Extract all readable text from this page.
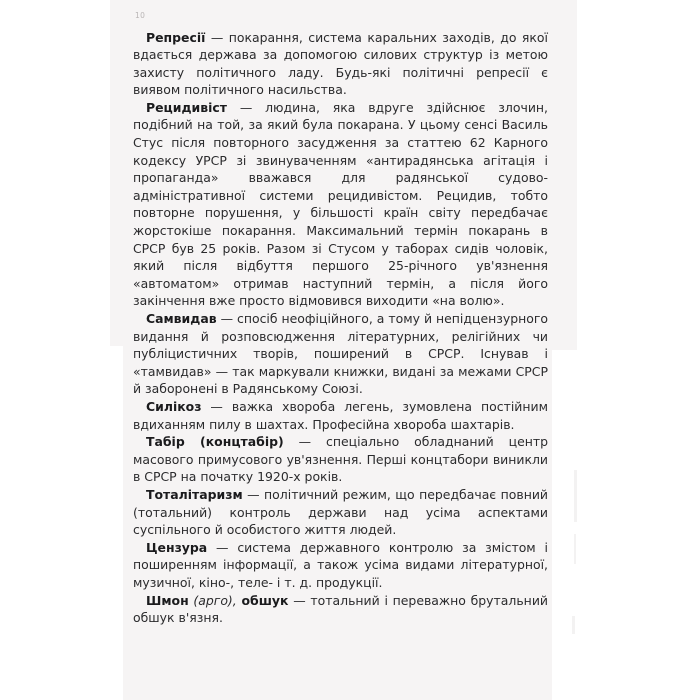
10

Репресії — покарання, система каральних заходів, до якої вдається держава за допомогою силових структур із метою захисту політичного ладу. Будь-які політичні репресії є виявом політичного насильства.

Рецидивіст — людина, яка вдруге здійснює злочин, подібний на той, за який була покарана. У цьому сенсі Василь Стус після повторного засудження за статтею 62 Карного кодексу УРСР зі звинуваченням «антирадянська агітація і пропаганда» вважався для радянської судово-адміністративної системи рецидивістом. Рецидив, тобто повторне порушення, у більшості країн світу передбачає жорстокіше покарання. Максимальний термін покарань в СРСР був 25 років. Разом зі Стусом у таборах сидів чоловік, який після відбуття першого 25-річного ув'язнення «автоматом» отримав наступний термін, а після його закінчення вже просто відмовився виходити «на волю».

Самвидав — спосіб неофіційного, а тому й непідцензурного видання й розповсюдження літературних, релігійних чи публіцистичних творів, поширений в СРСР. Існував і «тамвидав» — так маркували книжки, видані за межами СРСР й заборонені в Радянському Союзі.

Силікоз — важка хвороба легень, зумовлена постійним вдиханням пилу в шахтах. Професійна хвороба шахтарів.

Табір (концтабір) — спеціально обладнаний центр масового примусового ув'язнення. Перші концтабори виникли в СРСР на початку 1920-х років.

Тоталітаризм — політичний режим, що передбачає повний (тотальний) контроль держави над усіма аспектами суспільного й особистого життя людей.

Цензура — система державного контролю за змістом і поширенням інформації, а також усіма видами літературної, музичної, кіно-, теле- і т. д. продукції.

Шмон (арго), обшук — тотальний і переважно брутальний обшук в'язня.
